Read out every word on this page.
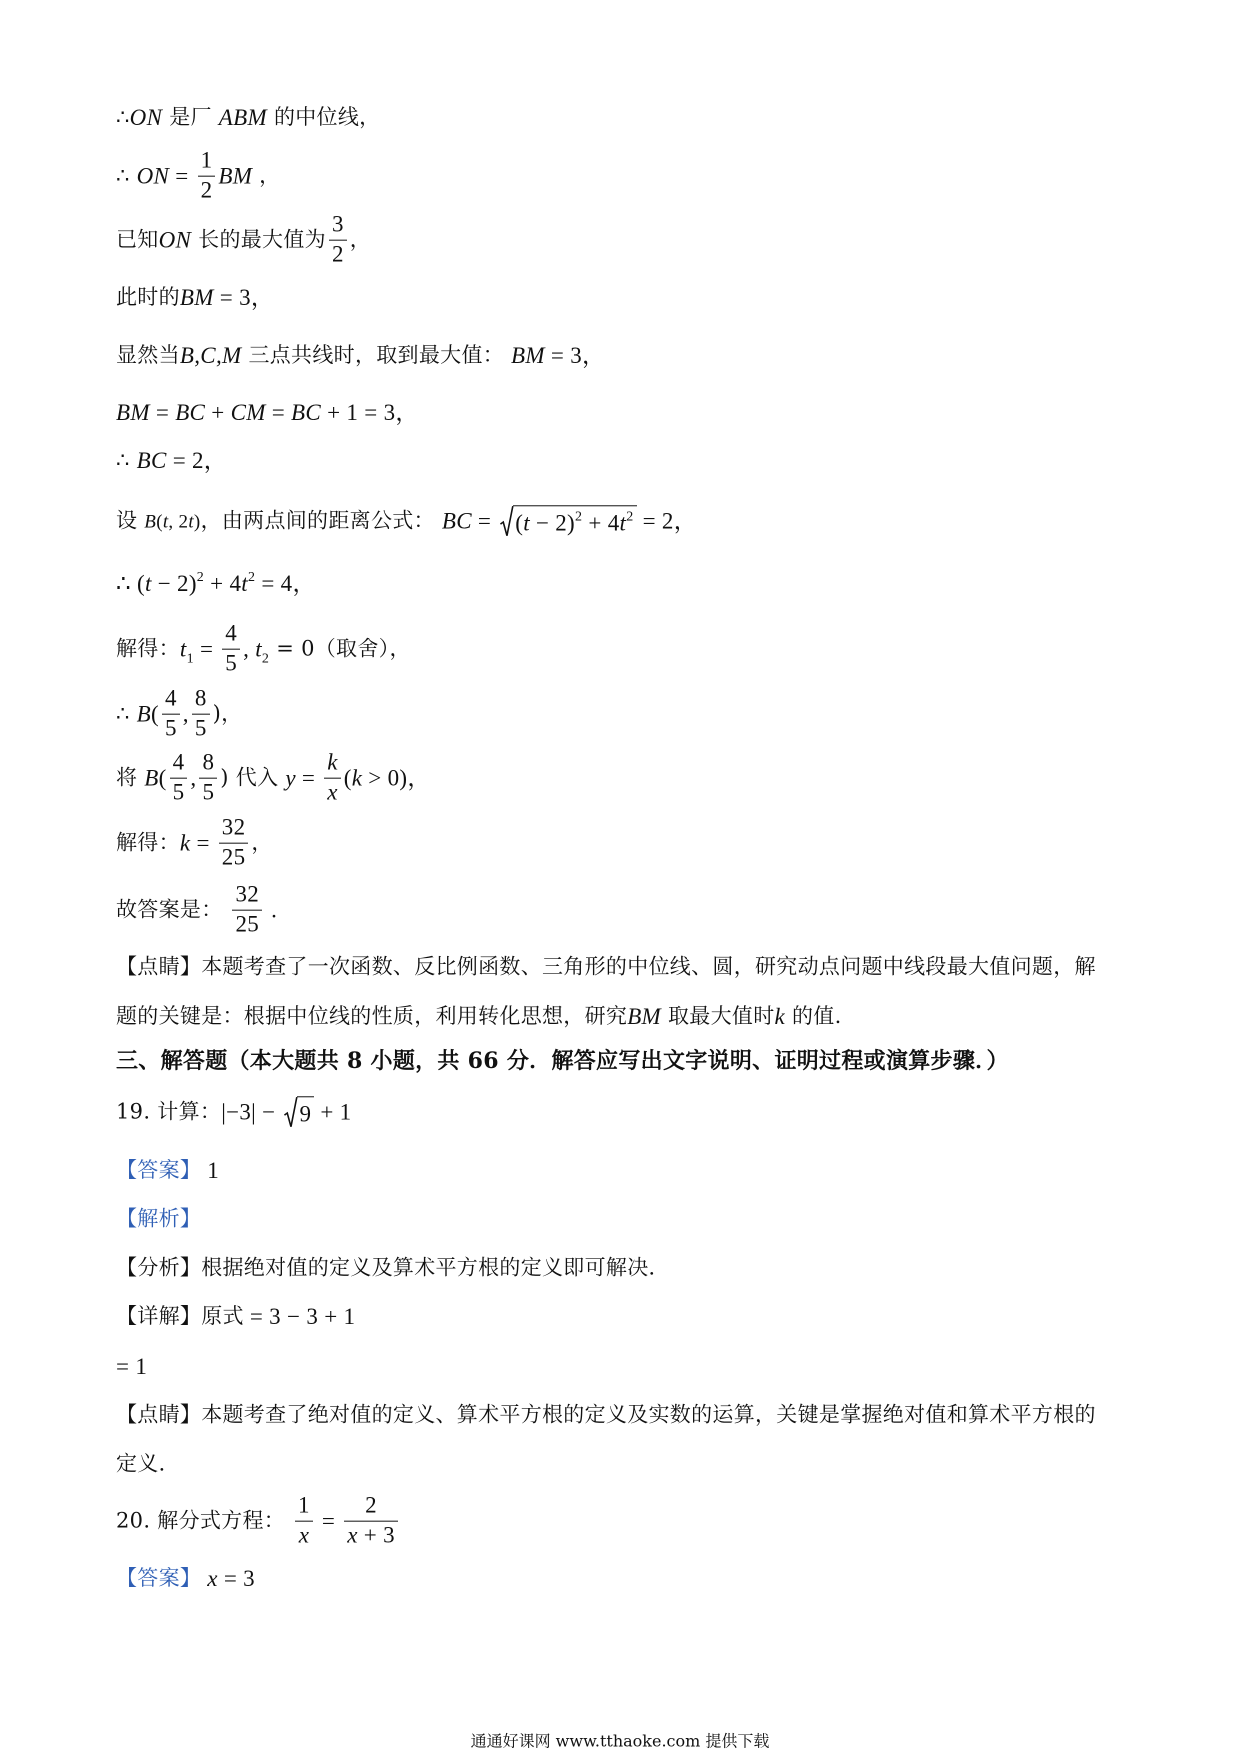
∴ ON 是厂 ABM 的中位线，
∴ ON = $\frac{1}{2}$ BM ，
已知 ON 长的最大值为 $\frac{3}{2}$ ，
此时的 BM = 3，
显然当 B,C,M 三点共线时，取到最大值： BM = 3，
BM = BC + CM = BC + 1 = 3，
∴ BC = 2，
设 B(t, 2t) ，由两点间的距离公式： BC = $(t - 2)^2 + 4t^2 = 2$，
∴ $(t - 2)^2 + 4t^2 = 4$，
解得： $t_1 = \frac{4}{5}$ , $t_2 = 0$（取舍），
∴ B ( $\frac{4}{5}$ , $\frac{8}{5}$ )，
将 B ( $\frac{4}{5}$ , $\frac{8}{5}$ ) 代入 $y = \frac{k}{x}$ ( k > 0)，
解得： $k = \frac{32}{25}$ ，
故答案是： $\frac{32}{25}$ .
【点睛】本题考查了一次函数、反比例函数、三角形的中位线、圆，研究动点问题中线段最大值问题，解
题的关键是：根据中位线的性质，利用转化思想，研究 BM 取最大值时 k 的值.
三、解答题（本大题共 8 小题，共 66 分．解答应写出文字说明、证明过程或演算步骤．）
19. 计算： |−3| − 9 + 1
【答案】 1
【解析】
【分析】根据绝对值的定义及算术平方根的定义即可解决．
【详解】原式 = 3 − 3 + 1
= 1
【点睛】本题考查了绝对值的定义、算术平方根的定义及实数的运算，关键是掌握绝对值和算术平方根的
定义．
20. 解分式方程： $\frac{1}{x} = \frac{2}{x + 3}$
【答案】 x = 3
通通好课网 www.tthaoke.com 提供下载
